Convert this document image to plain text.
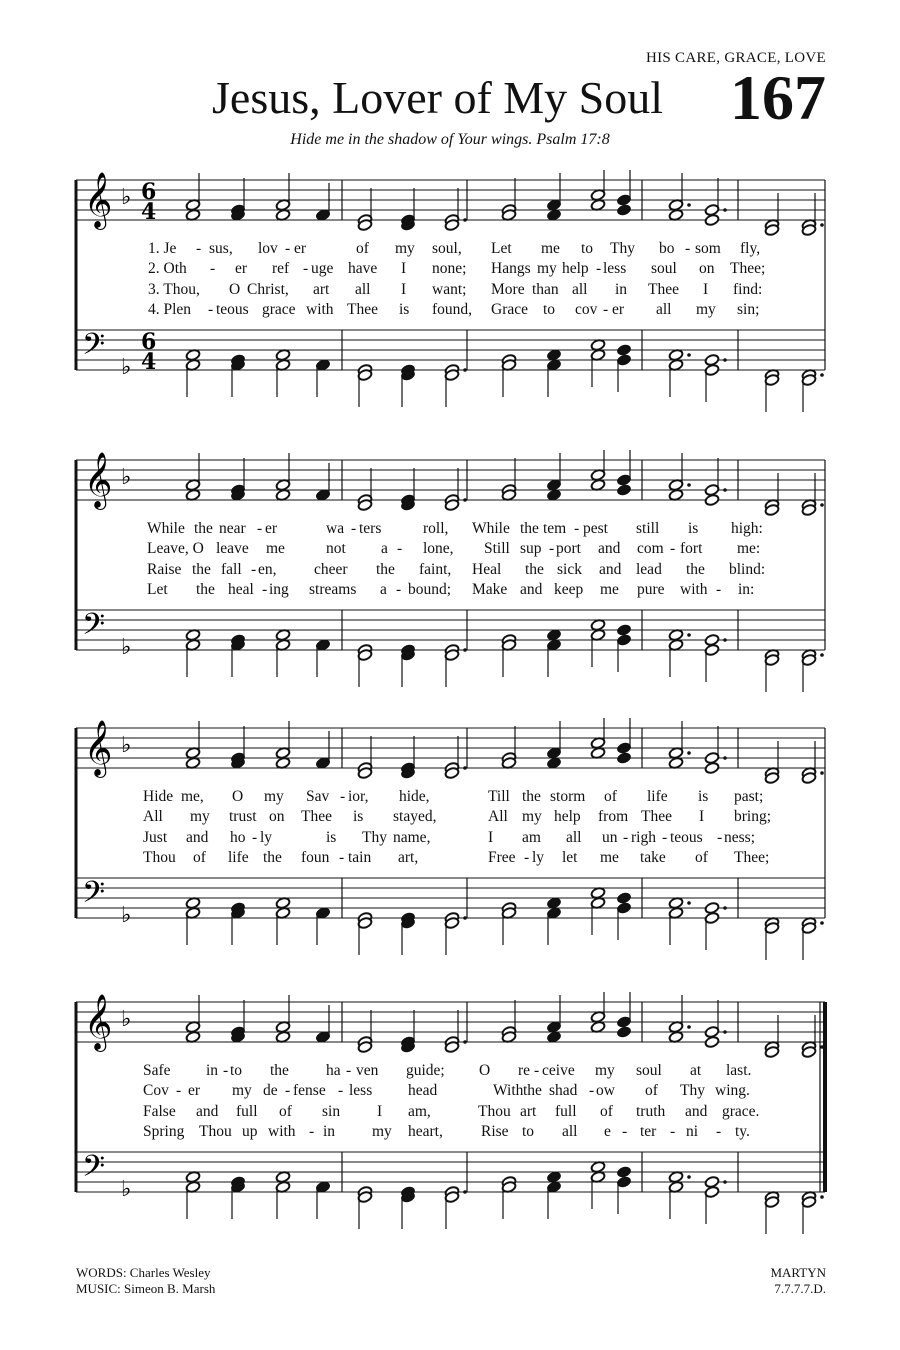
HIS CARE, GRACE, LOVE
Jesus, Lover of My Soul 167
Hide me in the shadow of Your wings. Psalm 17:8
𝄞 ♭ 6
4
𝄢 ♭
6
4
1. Je - sus, lov - er	of my soul, Let me to Thy bo - som fly,
2. Oth - er ref - uge have I none; Hangs my help - less soul on Thee;
3. Thou, O Christ, art all I want; More than all in Thee I find:
4. Plen - teous grace with Thee is found, Grace to cov - er all my sin;
𝄞 ♭
𝄢 ♭
While the near - er	wa - ters	roll, While the tem - pest still is high:
Leave, O leave me	not a - lone, Still sup - port and com - fort me:
Raise the fall - en, cheer the faint, Heal the sick and lead the blind:
Let the heal - ing streams a - bound; Make and keep me pure with - in:
𝄞 ♭
𝄢 ♭
Hide me, O my Sav - ior, hide,	Till the storm of life is past;
All my trust on Thee is stayed,	All my help from Thee I bring;
Just and ho - ly	is Thy name,	I am all un - righ - teous - ness;
Thou of life the foun - tain art,	Free - ly let me take of Thee;
𝄞 ♭
𝄢 ♭
Safe in - to the ha - ven guide; O re - ceive my soul at last.
Cov - er my de - fense - less head	With the shad - ow of Thy wing.
False and full of sin I am,	Thou art full of truth and grace.
Spring Thou up with - in my heart, Rise to all e - ter - ni - ty.
WORDS: Charles Wesley
MUSIC: Simeon B. Marsh
MARTYN
7.7.7.7.D.
